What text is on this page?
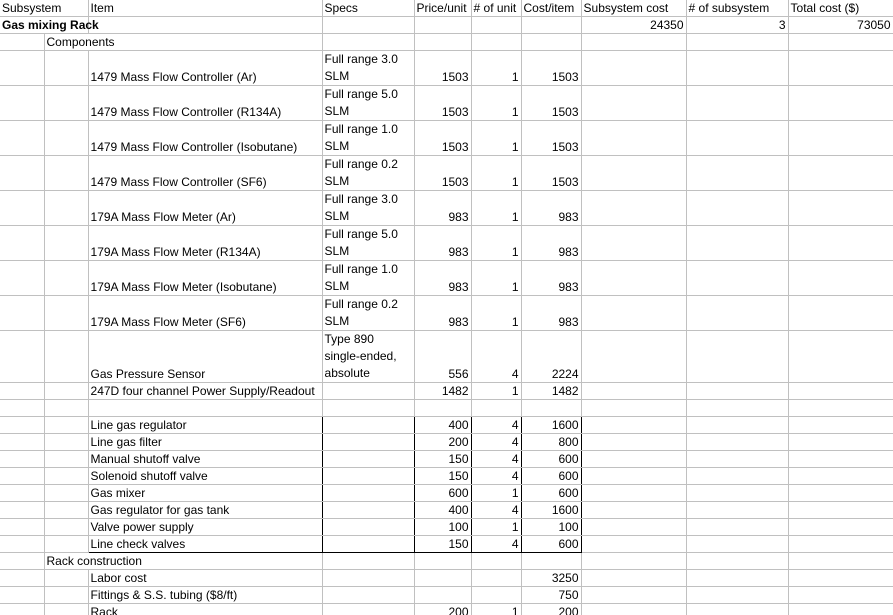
Subsystem		Item	Specs	Price/unit	# of unit	Cost/item	Subsystem cost	# of subsystem	Total cost ($)
Gas mixing Rack							24350	3	73050
	Components								
		1479 Mass Flow Controller (Ar)	Full range 3.0 SLM	1503	1	1503			
		1479 Mass Flow Controller (R134A)	Full range 5.0 SLM	1503	1	1503			
		1479 Mass Flow Controller (Isobutane)	Full range 1.0 SLM	1503	1	1503			
		1479 Mass Flow Controller (SF6)	Full range 0.2 SLM	1503	1	1503			
		179A Mass Flow Meter (Ar)	Full range 3.0 SLM	983	1	983			
		179A Mass Flow Meter (R134A)	Full range 5.0 SLM	983	1	983			
		179A Mass Flow Meter (Isobutane)	Full range 1.0 SLM	983	1	983			
		179A Mass Flow Meter (SF6)	Full range 0.2 SLM	983	1	983			
		Gas Pressure Sensor	Type 890 single-ended, absolute	556	4	2224			
		247D four channel Power Supply/Readout		1482	1	1482			

		Line gas regulator		400	4	1600			
		Line gas filter		200	4	800			
		Manual shutoff valve		150	4	600			
		Solenoid shutoff valve		150	4	600			
		Gas mixer		600	1	600			
		Gas regulator for gas tank		400	4	1600			
		Valve power supply		100	1	100			
		Line check valves		150	4	600			
	Rack construction								
		Labor cost				3250			
		Fittings & S.S. tubing ($8/ft)				750			
		Rack		200	1	200			
